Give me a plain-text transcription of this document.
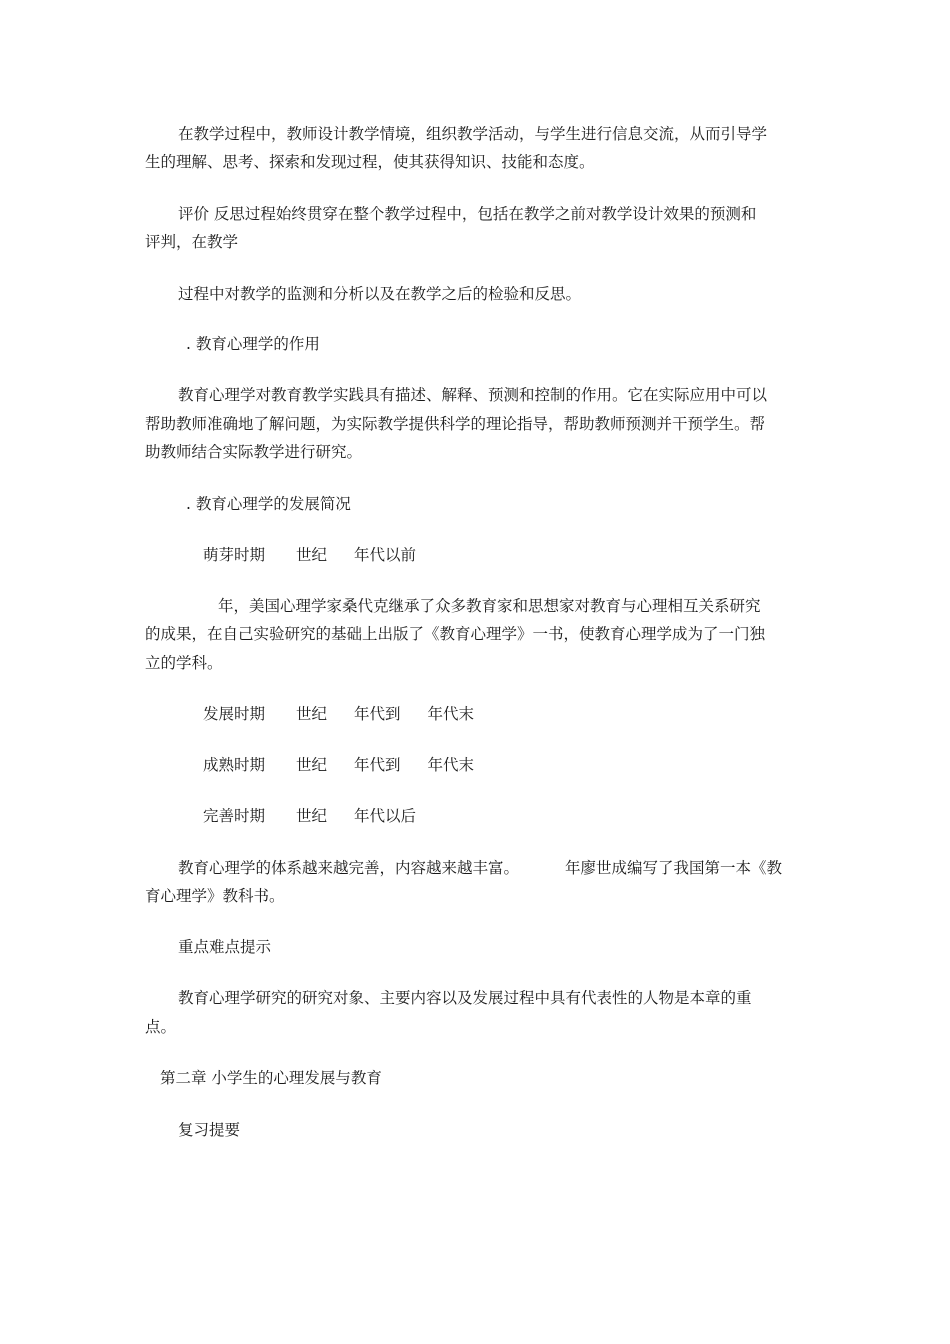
在教学过程中，教师设计教学情境，组织教学活动，与学生进行信息交流，从而引导学
生的理解、思考、探索和发现过程，使其获得知识、技能和态度。
评价 反思过程始终贯穿在整个教学过程中，包括在教学之前对教学设计效果的预测和
评判，在教学
过程中对教学的监测和分析以及在教学之后的检验和反思。
. 教育心理学的作用
教育心理学对教育教学实践具有描述、解释、预测和控制的作用。它在实际应用中可以
帮助教师准确地了解问题，为实际教学提供科学的理论指导，帮助教师预测并干预学生。帮
助教师结合实际教学进行研究。
. 教育心理学的发展简况
萌芽时期 世纪 年代以前
年，美国心理学家桑代克继承了众多教育家和思想家对教育与心理相互关系研究
的成果，在自己实验研究的基础上出版了《教育心理学》一书，使教育心理学成为了一门独
立的学科。
发展时期 世纪 年代到 年代末
成熟时期 世纪 年代到 年代末
完善时期 世纪 年代以后
教育心理学的体系越来越完善，内容越来越丰富。	年廖世成编写了我国第一本《教
育心理学》教科书。
重点难点提示
教育心理学研究的研究对象、主要内容以及发展过程中具有代表性的人物是本章的重
点。
第二章 小学生的心理发展与教育
复习提要
